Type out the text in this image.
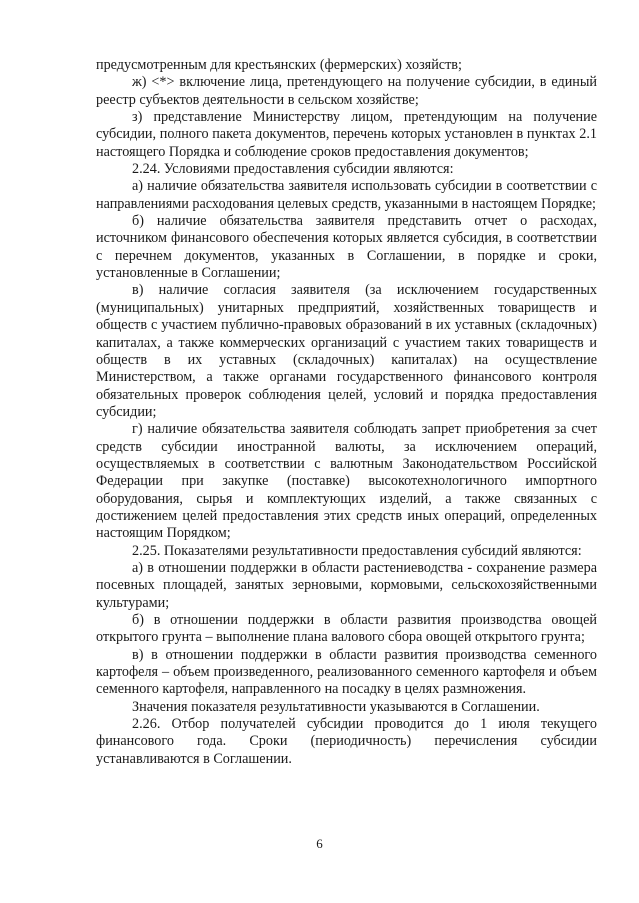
предусмотренным для крестьянских (фермерских) хозяйств;

ж) <*> включение лица, претендующего на получение субсидии, в единый реестр субъектов деятельности в сельском хозяйстве;

з) представление Министерству лицом, претендующим на получение субсидии, полного пакета документов, перечень которых установлен в пунктах 2.1 настоящего Порядка и соблюдение сроков предоставления документов;

2.24. Условиями предоставления субсидии являются:

а) наличие обязательства заявителя использовать субсидии в соответствии с направлениями расходования целевых средств, указанными в настоящем Порядке;

б) наличие обязательства заявителя представить отчет о расходах, источником финансового обеспечения которых является субсидия, в соответствии с перечнем документов, указанных в Соглашении, в порядке и сроки, установленные в Соглашении;

в) наличие согласия заявителя (за исключением государственных (муниципальных) унитарных предприятий, хозяйственных товариществ и обществ с участием публично-правовых образований в их уставных (складочных) капиталах, а также коммерческих организаций с участием таких товариществ и обществ в их уставных (складочных) капиталах) на осуществление Министерством, а также органами государственного финансового контроля обязательных проверок соблюдения целей, условий и порядка предоставления субсидии;

г) наличие обязательства заявителя соблюдать запрет приобретения за счет средств субсидии иностранной валюты, за исключением операций, осуществляемых в соответствии с валютным Законодательством Российской Федерации при закупке (поставке) высокотехнологичного импортного оборудования, сырья и комплектующих изделий, а также связанных с достижением целей предоставления этих средств иных операций, определенных настоящим Порядком;

2.25. Показателями результативности предоставления субсидий являются:

а) в отношении поддержки в области растениеводства - сохранение размера посевных площадей, занятых зерновыми, кормовыми, сельскохозяйственными культурами;

б) в отношении поддержки в области развития производства овощей открытого грунта – выполнение плана валового сбора овощей открытого грунта;

в) в отношении поддержки в области развития производства семенного картофеля – объем произведенного, реализованного семенного картофеля и объем семенного картофеля, направленного на посадку в целях размножения.

Значения показателя результативности указываются в Соглашении.

2.26. Отбор получателей субсидии проводится до 1 июля текущего финансового года. Сроки (периодичность) перечисления субсидии устанавливаются в Соглашении.

6
